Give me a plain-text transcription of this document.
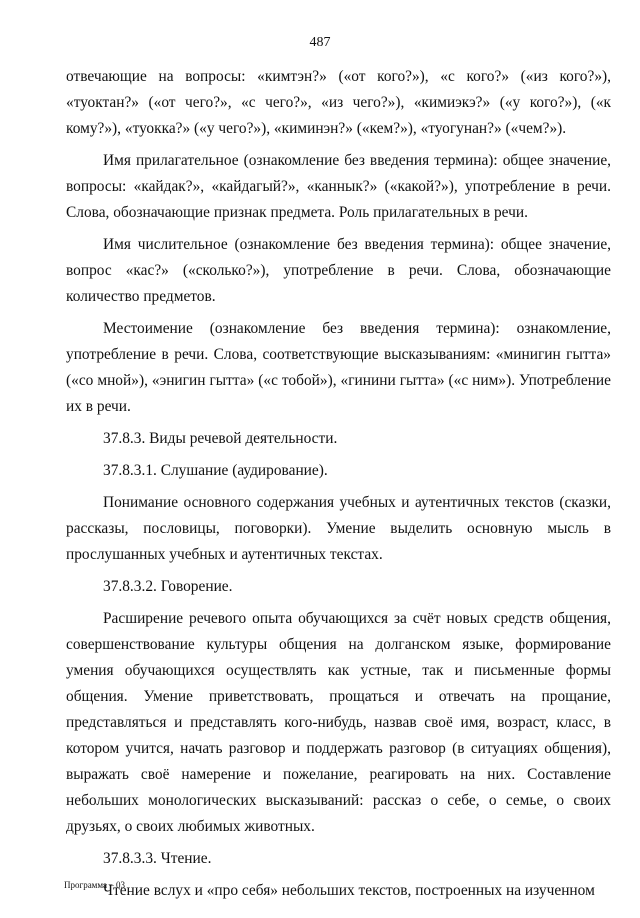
487

отвечающие на вопросы: «кимтэн?» («от кого?»), «с кого?» («из кого?»), «туоктан?» («от чего?», «с чего?», «из чего?»), «кимиэкэ?» («у кого?»), («к кому?»), «туокка?» («у чего?»), «киминэн?» («кем?»), «туогунан?» («чем?»).

Имя прилагательное (ознакомление без введения термина): общее значение, вопросы: «кайдак?», «кайдагый?», «каннык?» («какой?»), употребление в речи. Слова, обозначающие признак предмета. Роль прилагательных в речи.

Имя числительное (ознакомление без введения термина): общее значение, вопрос «кас?» («сколько?»), употребление в речи. Слова, обозначающие количество предметов.

Местоимение (ознакомление без введения термина): ознакомление, употребление в речи. Слова, соответствующие высказываниям: «минигин гытта» («со мной»), «энигин гытта» («с тобой»), «гинини гытта» («с ним»). Употребление их в речи.

37.8.3. Виды речевой деятельности.

37.8.3.1. Слушание (аудирование).

Понимание основного содержания учебных и аутентичных текстов (сказки, рассказы, пословицы, поговорки). Умение выделить основную мысль в прослушанных учебных и аутентичных текстах.

37.8.3.2. Говорение.

Расширение речевого опыта обучающихся за счёт новых средств общения, совершенствование культуры общения на долганском языке, формирование умения обучающихся осуществлять как устные, так и письменные формы общения. Умение приветствовать, прощаться и отвечать на прощание, представляться и представлять кого-нибудь, назвав своё имя, возраст, класс, в котором учится, начать разговор и поддержать разговор (в ситуациях общения), выражать своё намерение и пожелание, реагировать на них. Составление небольших монологических высказываний: рассказ о себе, о семье, о своих друзьях, о своих любимых животных.

37.8.3.3. Чтение.

Чтение вслух и «про себя» небольших текстов, построенных на изученном

Программа – 03
